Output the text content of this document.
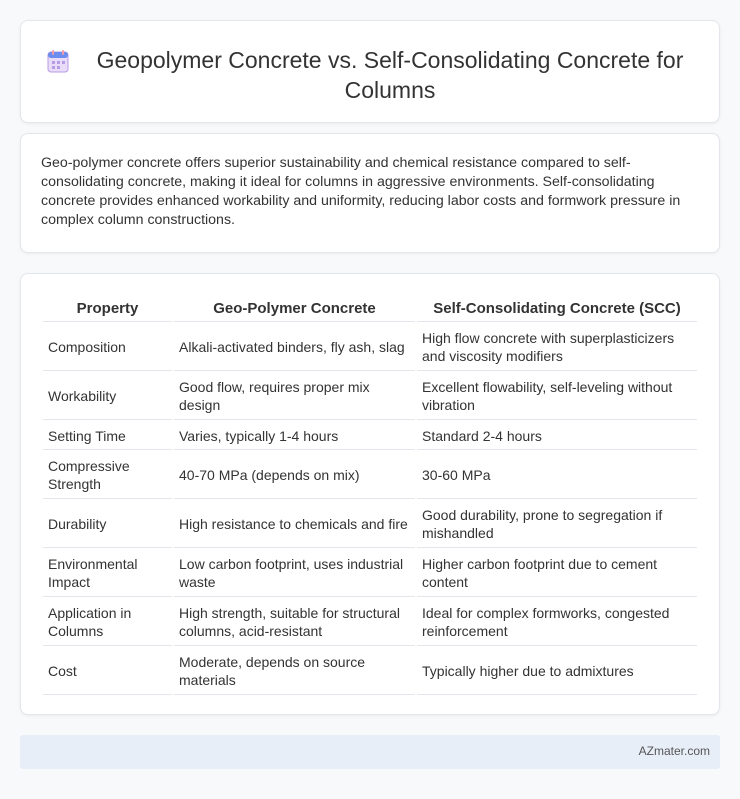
Geopolymer Concrete vs. Self-Consolidating Concrete for Columns

Geo-polymer concrete offers superior sustainability and chemical resistance compared to self-consolidating concrete, making it ideal for columns in aggressive environments. Self-consolidating concrete provides enhanced workability and uniformity, reducing labor costs and formwork pressure in complex column constructions.

Property	Geo-Polymer Concrete	Self-Consolidating Concrete (SCC)
Composition	Alkali-activated binders, fly ash, slag	High flow concrete with superplasticizers and viscosity modifiers
Workability	Good flow, requires proper mix design	Excellent flowability, self-leveling without vibration
Setting Time	Varies, typically 1-4 hours	Standard 2-4 hours
Compressive Strength	40-70 MPa (depends on mix)	30-60 MPa
Durability	High resistance to chemicals and fire	Good durability, prone to segregation if mishandled
Environmental Impact	Low carbon footprint, uses industrial waste	Higher carbon footprint due to cement content
Application in Columns	High strength, suitable for structural columns, acid-resistant	Ideal for complex formworks, congested reinforcement
Cost	Moderate, depends on source materials	Typically higher due to admixtures
AZmater.com
